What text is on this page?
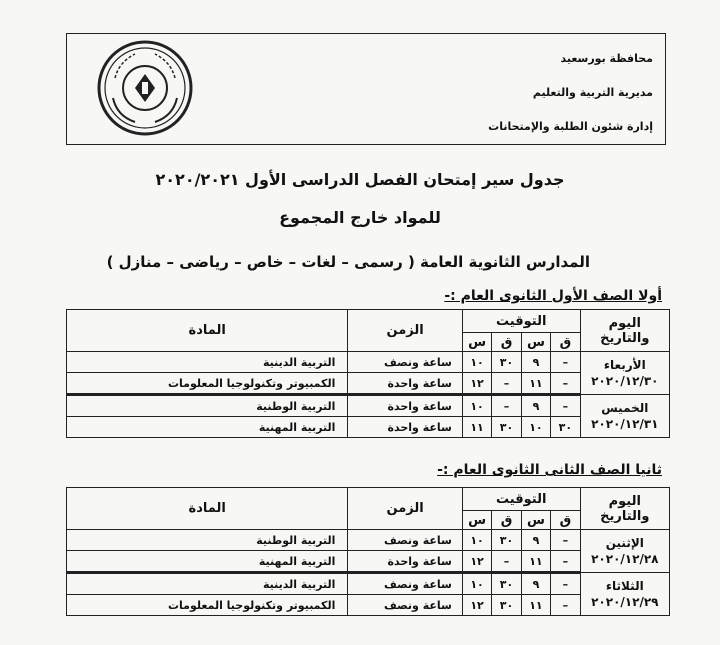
محافظة بورسعيد
مديرية التربية والتعليم
إدارة شئون الطلبة والإمتحانات
جدول سير إمتحان الفصل الدراسى الأول ٢٠٢٠/٢٠٢١
للمواد خارج المجموع
المدارس الثانوية العامة ( رسمى – لغات – خاص – رياضى – منازل )
أولا الصف الأول الثانوى العام :-
اليوم
والتاريخ	التوقيت				الزمن	المادة
	ق	س	ق	س		
الأربعاء
٢٠٢٠/١٢/٣٠	–	٩	٣٠	١٠	ساعة ونصف	التربية الدينية
	–	١١	–	١٢	ساعة واحدة	الكمبيوتر وتكنولوجيا المعلومات
الخميس
٢٠٢٠/١٢/٣١	–	٩	–	١٠	ساعة واحدة	التربية الوطنية
	٣٠	١٠	٣٠	١١	ساعة واحدة	التربية المهنية
ثانيا الصف الثانى الثانوى العام :-
اليوم
والتاريخ	التوقيت				الزمن	المادة
	ق	س	ق	س		
الإثنين
٢٠٢٠/١٢/٢٨	–	٩	٣٠	١٠	ساعة ونصف	التربية الوطنية
	–	١١	–	١٢	ساعة واحدة	التربية المهنية
الثلاثاء
٢٠٢٠/١٢/٢٩	–	٩	٣٠	١٠	ساعة ونصف	التربية الدينية
	–	١١	٣٠	١٢	ساعة ونصف	الكمبيوتر وتكنولوجيا المعلومات
